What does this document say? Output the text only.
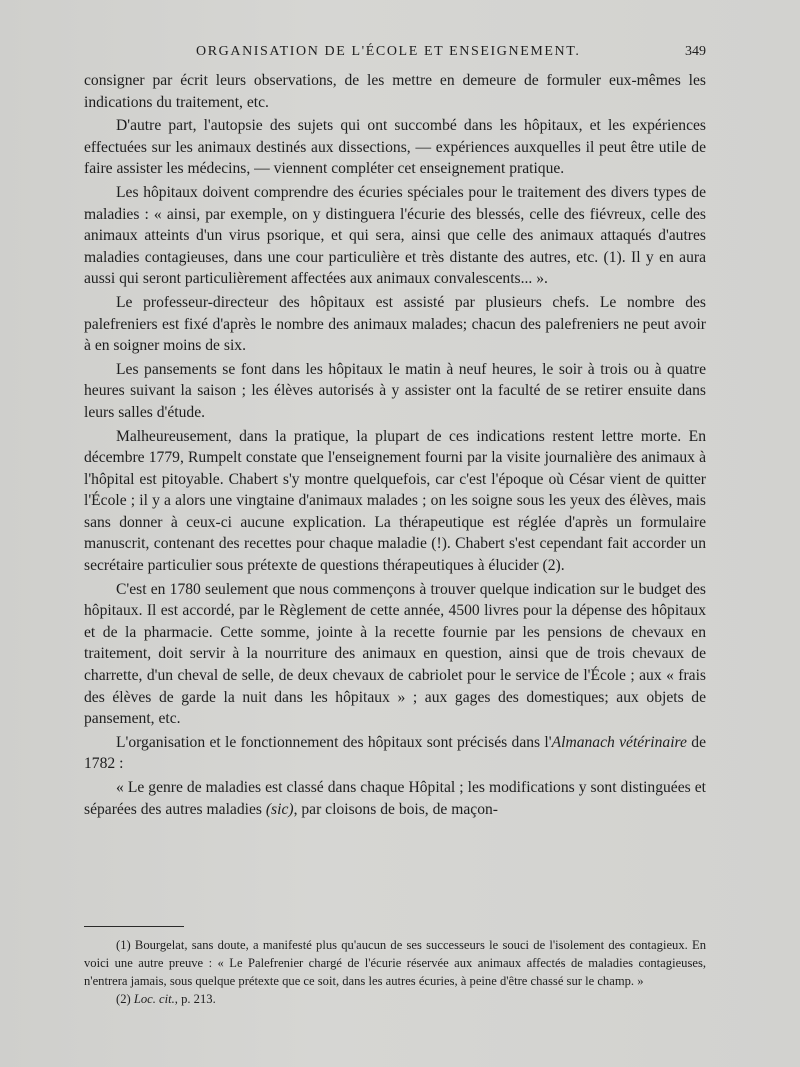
ORGANISATION DE L'ÉCOLE ET ENSEIGNEMENT.	349

consigner par écrit leurs observations, de les mettre en demeure de formuler eux-mêmes les indications du traitement, etc.

D'autre part, l'autopsie des sujets qui ont succombé dans les hôpitaux, et les expériences effectuées sur les animaux destinés aux dissections, — expériences auxquelles il peut être utile de faire assister les médecins, — viennent compléter cet enseignement pratique.

Les hôpitaux doivent comprendre des écuries spéciales pour le traitement des divers types de maladies : « ainsi, par exemple, on y distinguera l'écurie des blessés, celle des fiévreux, celle des animaux atteints d'un virus psorique, et qui sera, ainsi que celle des animaux attaqués d'autres maladies contagieuses, dans une cour particulière et très distante des autres, etc. (1). Il y en aura aussi qui seront particulièrement affectées aux animaux convalescents... ».

Le professeur-directeur des hôpitaux est assisté par plusieurs chefs. Le nombre des palefreniers est fixé d'après le nombre des animaux malades; chacun des palefreniers ne peut avoir à en soigner moins de six.

Les pansements se font dans les hôpitaux le matin à neuf heures, le soir à trois ou à quatre heures suivant la saison ; les élèves autorisés à y assister ont la faculté de se retirer ensuite dans leurs salles d'étude.

Malheureusement, dans la pratique, la plupart de ces indications restent lettre morte. En décembre 1779, Rumpelt constate que l'enseignement fourni par la visite journalière des animaux à l'hôpital est pitoyable. Chabert s'y montre quelquefois, car c'est l'époque où César vient de quitter l'École ; il y a alors une vingtaine d'animaux malades ; on les soigne sous les yeux des élèves, mais sans donner à ceux-ci aucune explication. La thérapeutique est réglée d'après un formulaire manuscrit, contenant des recettes pour chaque maladie (!). Chabert s'est cependant fait accorder un secrétaire particulier sous prétexte de questions thérapeutiques à élucider (2).

C'est en 1780 seulement que nous commençons à trouver quelque indication sur le budget des hôpitaux. Il est accordé, par le Règlement de cette année, 4500 livres pour la dépense des hôpitaux et de la pharmacie. Cette somme, jointe à la recette fournie par les pensions de chevaux en traitement, doit servir à la nourriture des animaux en question, ainsi que de trois chevaux de charrette, d'un cheval de selle, de deux chevaux de cabriolet pour le service de l'École ; aux « frais des élèves de garde la nuit dans les hôpitaux » ; aux gages des domestiques; aux objets de pansement, etc.

L'organisation et le fonctionnement des hôpitaux sont précisés dans l'Almanach vétérinaire de 1782 :

« Le genre de maladies est classé dans chaque Hôpital ; les modifications y sont distinguées et séparées des autres maladies (sic), par cloisons de bois, de maçon-

(1) Bourgelat, sans doute, a manifesté plus qu'aucun de ses successeurs le souci de l'isolement des contagieux. En voici une autre preuve : « Le Palefrenier chargé de l'écurie réservée aux animaux affectés de maladies contagieuses, n'entrera jamais, sous quelque prétexte que ce soit, dans les autres écuries, à peine d'être chassé sur le champ. »

(2) Loc. cit., p. 213.
